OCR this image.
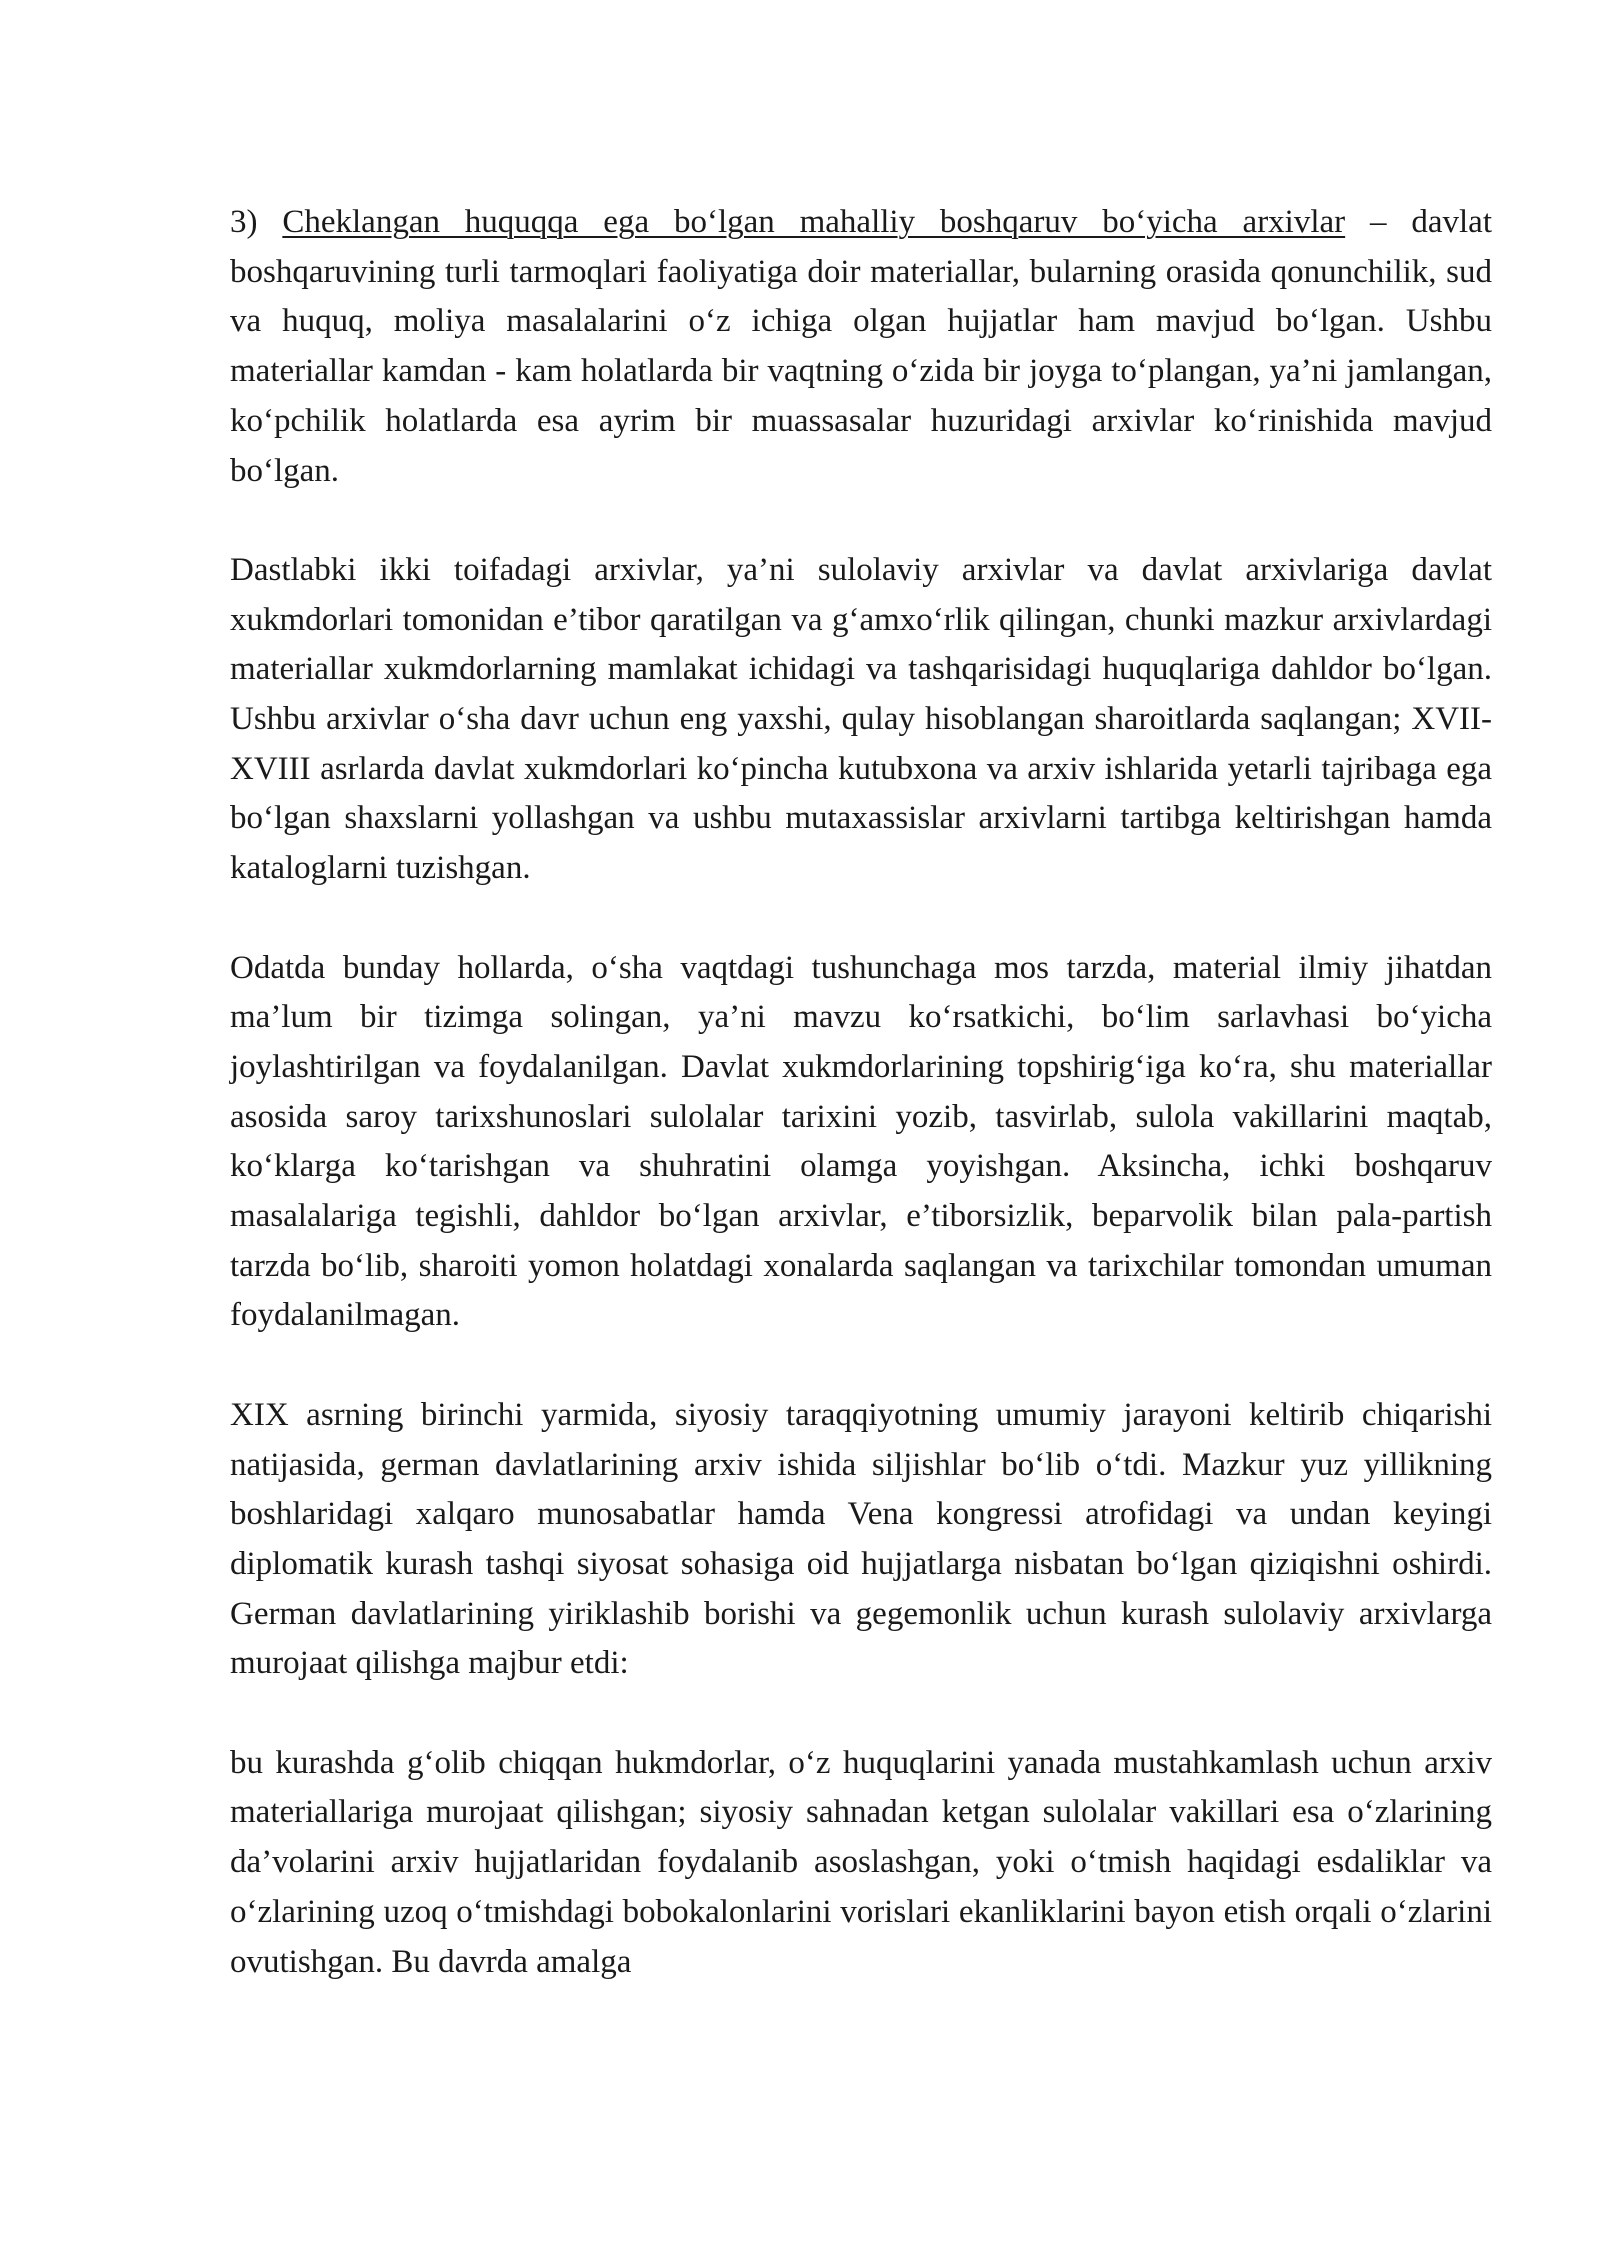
3) Cheklangan huquqqa ega bo‘lgan mahalliy boshqaruv bo‘yicha arxivlar – davlat boshqaruvining turli tarmoqlari faoliyatiga doir materiallar, bularning orasida qonunchilik, sud va huquq, moliya masalalarini o‘z ichiga olgan hujjatlar ham mavjud bo‘lgan. Ushbu materiallar kamdan - kam holatlarda bir vaqtning o‘zida bir joyga to‘plangan, ya’ni jamlangan, ko‘pchilik holatlarda esa ayrim bir muassasalar huzuridagi arxivlar ko‘rinishida mavjud bo‘lgan.

Dastlabki ikki toifadagi arxivlar, ya’ni sulolaviy arxivlar va davlat arxivlariga davlat xukmdorlari tomonidan e’tibor qaratilgan va g‘amxo‘rlik qilingan, chunki mazkur arxivlardagi materiallar xukmdorlarning mamlakat ichidagi va tashqarisidagi huquqlariga dahldor bo‘lgan. Ushbu arxivlar o‘sha davr uchun eng yaxshi, qulay hisoblangan sharoitlarda saqlangan; XVII-XVIII asrlarda davlat xukmdorlari ko‘pincha kutubxona va arxiv ishlarida yetarli tajribaga ega bo‘lgan shaxslarni yollashgan va ushbu mutaxassislar arxivlarni tartibga keltirishgan hamda kataloglarni tuzishgan.

Odatda bunday hollarda, o‘sha vaqtdagi tushunchaga mos tarzda, material ilmiy jihatdan ma’lum bir tizimga solingan, ya’ni mavzu ko‘rsatkichi, bo‘lim sarlavhasi bo‘yicha joylashtirilgan va foydalanilgan. Davlat xukmdorlarining topshirig‘iga ko‘ra, shu materiallar asosida saroy tarixshunoslari sulolalar tarixini yozib, tasvirlab, sulola vakillarini maqtab, ko‘klarga ko‘tarishgan va shuhratini olamga yoyishgan. Aksincha, ichki boshqaruv masalalariga tegishli, dahldor bo‘lgan arxivlar, e’tiborsizlik, beparvolik bilan pala-partish tarzda bo‘lib, sharoiti yomon holatdagi xonalarda saqlangan va tarixchilar tomondan umuman foydalanilmagan.

XIX asrning birinchi yarmida, siyosiy taraqqiyotning umumiy jarayoni keltirib chiqarishi natijasida, german davlatlarining arxiv ishida siljishlar bo‘lib o‘tdi. Mazkur yuz yillikning boshlaridagi xalqaro munosabatlar hamda Vena kongressi atrofidagi va undan keyingi diplomatik kurash tashqi siyosat sohasiga oid hujjatlarga nisbatan bo‘lgan qiziqishni oshirdi. German davlatlarining yiriklashib borishi va gegemonlik uchun kurash sulolaviy arxivlarga murojaat qilishga majbur etdi:

bu kurashda g‘olib chiqqan hukmdorlar, o‘z huquqlarini yanada mustahkamlash uchun arxiv materiallariga murojaat qilishgan; siyosiy sahnadan ketgan sulolalar vakillari esa o‘zlarining da’volarini arxiv hujjatlaridan foydalanib asoslashgan, yoki o‘tmish haqidagi esdaliklar va o‘zlarining uzoq o‘tmishdagi bobokalonlarini vorislari ekanliklarini bayon etish orqali o‘zlarini ovutishgan. Bu davrda amalga
